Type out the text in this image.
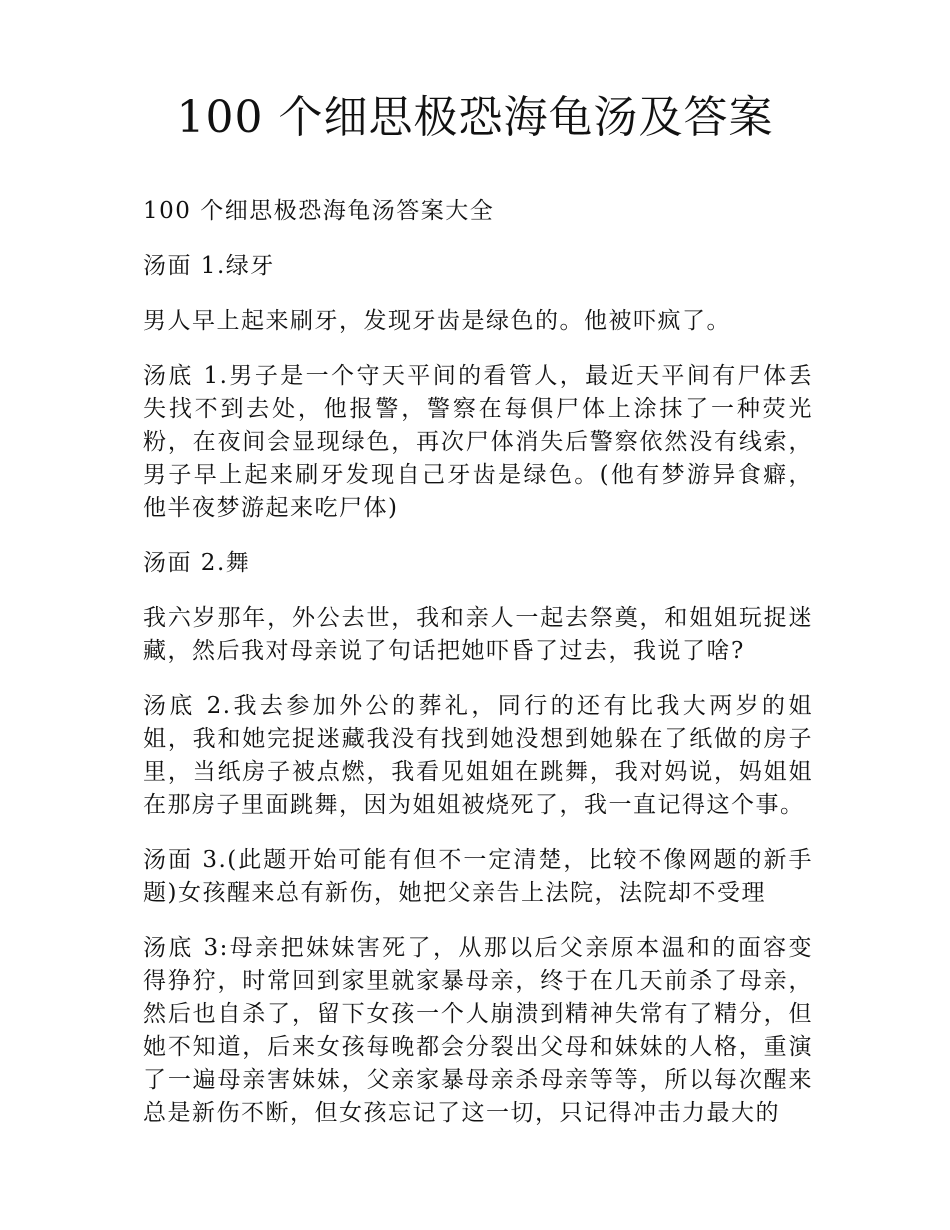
100 个细思极恐海龟汤及答案

100 个细思极恐海龟汤答案大全

汤面 1.绿牙

男人早上起来刷牙，发现牙齿是绿色的。他被吓疯了。

汤底 1.男子是一个守天平间的看管人，最近天平间有尸体丢失找不到去处，他报警，警察在每俱尸体上涂抹了一种荧光粉，在夜间会显现绿色，再次尸体消失后警察依然没有线索，男子早上起来刷牙发现自己牙齿是绿色。(他有梦游异食癖，他半夜梦游起来吃尸体)

汤面 2.舞

我六岁那年，外公去世，我和亲人一起去祭奠，和姐姐玩捉迷藏，然后我对母亲说了句话把她吓昏了过去，我说了啥?

汤底 2.我去参加外公的葬礼，同行的还有比我大两岁的姐姐，我和她完捉迷藏我没有找到她没想到她躲在了纸做的房子里，当纸房子被点燃，我看见姐姐在跳舞，我对妈说，妈姐姐在那房子里面跳舞，因为姐姐被烧死了，我一直记得这个事。

汤面 3.(此题开始可能有但不一定清楚，比较不像网题的新手题)女孩醒来总有新伤，她把父亲告上法院，法院却不受理

汤底 3:母亲把妹妹害死了，从那以后父亲原本温和的面容变得狰狞，时常回到家里就家暴母亲，终于在几天前杀了母亲，然后也自杀了，留下女孩一个人崩溃到精神失常有了精分，但她不知道，后来女孩每晚都会分裂出父母和妹妹的人格，重演了一遍母亲害妹妹，父亲家暴母亲杀母亲等等，所以每次醒来总是新伤不断，但女孩忘记了这一切，只记得冲击力最大的
